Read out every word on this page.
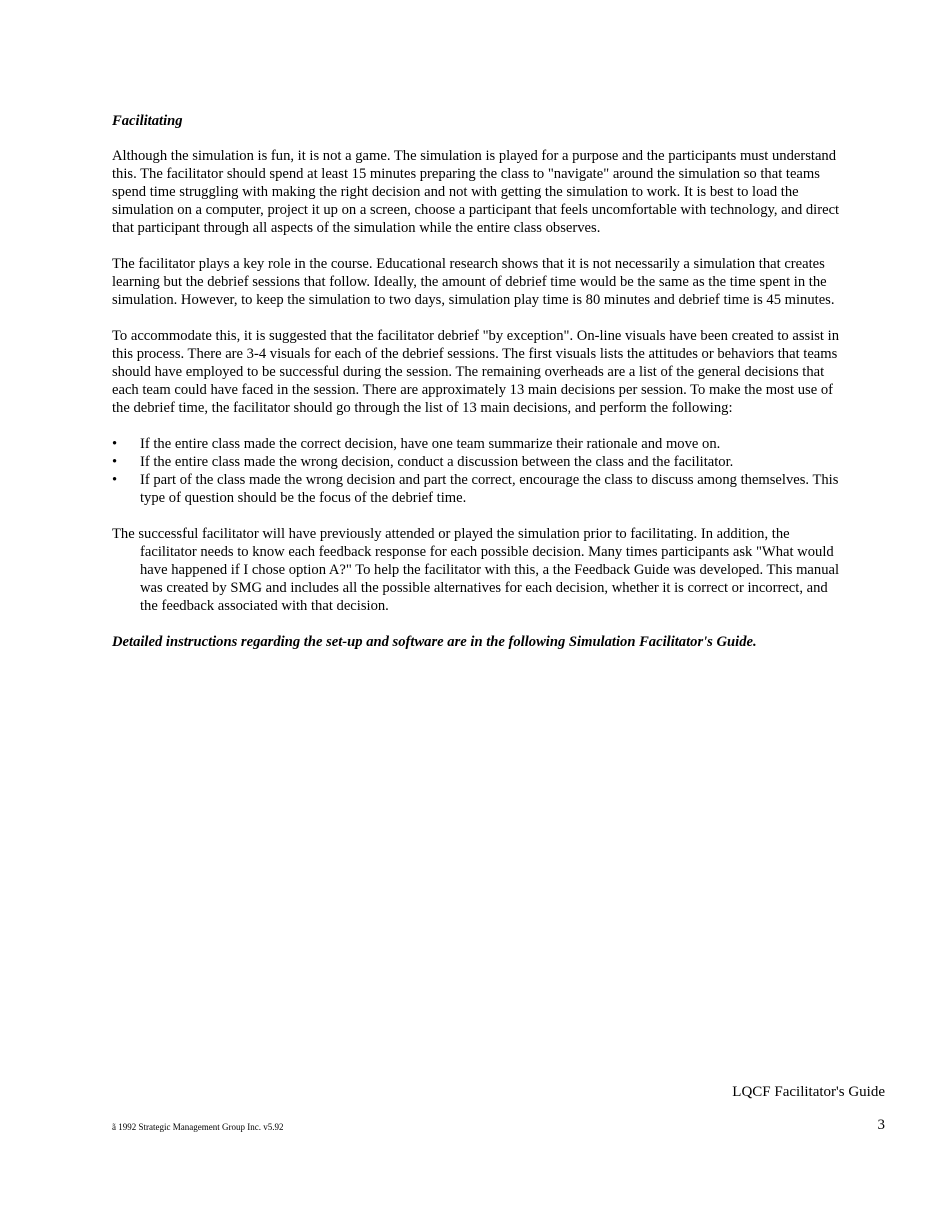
Facilitating

Although the simulation is fun, it is not a game. The simulation is played for a purpose and the participants must understand this. The facilitator should spend at least 15 minutes preparing the class to "navigate" around the simulation so that teams spend time struggling with making the right decision and not with getting the simulation to work. It is best to load the simulation on a computer, project it up on a screen, choose a participant that feels uncomfortable with technology, and direct that participant through all aspects of the simulation while the entire class observes.

The facilitator plays a key role in the course. Educational research shows that it is not necessarily a simulation that creates learning but the debrief sessions that follow. Ideally, the amount of debrief time would be the same as the time spent in the simulation. However, to keep the simulation to two days, simulation play time is 80 minutes and debrief time is 45 minutes.

To accommodate this, it is suggested that the facilitator debrief "by exception". On-line visuals have been created to assist in this process. There are 3-4 visuals for each of the debrief sessions. The first visuals lists the attitudes or behaviors that teams should have employed to be successful during the session. The remaining overheads are a list of the general decisions that each team could have faced in the session. There are approximately 13 main decisions per session. To make the most use of the debrief time, the facilitator should go through the list of 13 main decisions, and perform the following:

• If the entire class made the correct decision, have one team summarize their rationale and move on.
• If the entire class made the wrong decision, conduct a discussion between the class and the facilitator.
• If part of the class made the wrong decision and part the correct, encourage the class to discuss among themselves. This type of question should be the focus of the debrief time.

The successful facilitator will have previously attended or played the simulation prior to facilitating. In addition, the facilitator needs to know each feedback response for each possible decision. Many times participants ask "What would have happened if I chose option A?" To help the facilitator with this, a the Feedback Guide was developed. This manual was created by SMG and includes all the possible alternatives for each decision, whether it is correct or incorrect, and the feedback associated with that decision.

Detailed instructions regarding the set-up and software are in the following Simulation Facilitator's Guide.

LQCF Facilitator's Guide
ã 1992 Strategic Management Group Inc. v5.92	3
